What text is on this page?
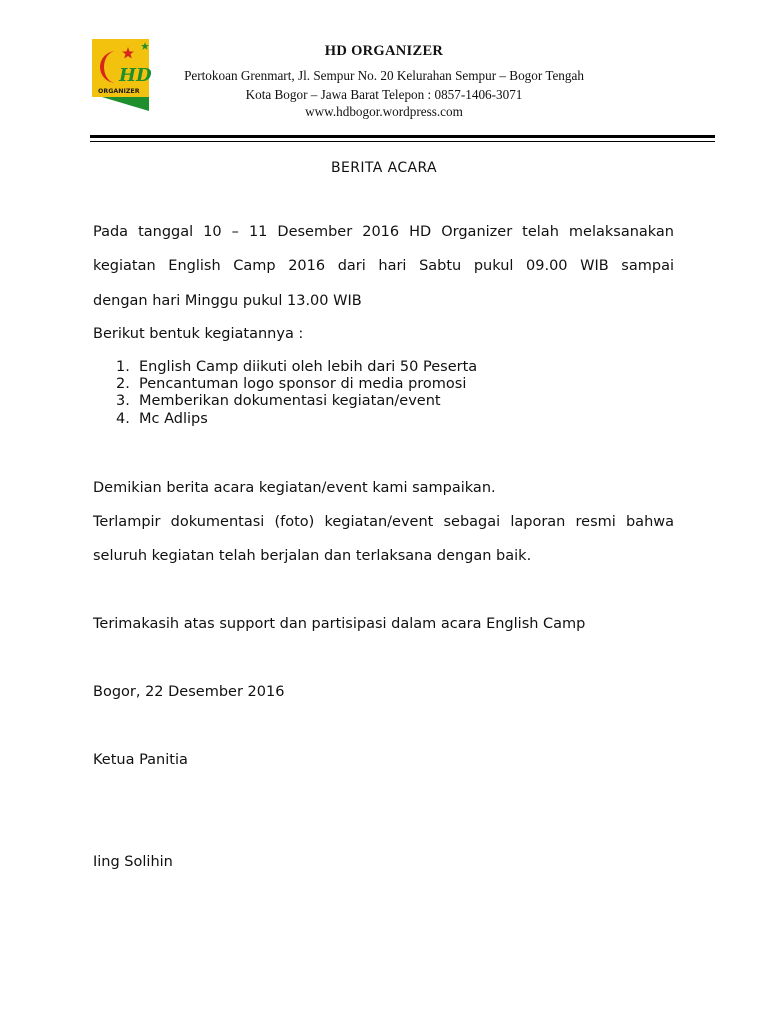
HD
ORGANIZER
HD ORGANIZER
Pertokoan Grenmart, Jl. Sempur No. 20 Kelurahan Sempur – Bogor Tengah
Kota Bogor – Jawa Barat Telepon : 0857-1406-3071
www.hdbogor.wordpress.com
BERITA ACARA
Pada tanggal 10 – 11 Desember 2016 HD Organizer telah melaksanakan
kegiatan English Camp 2016 dari hari Sabtu pukul 09.00 WIB sampai
dengan hari Minggu pukul 13.00 WIB
Berikut bentuk kegiatannya :
1. English Camp diikuti oleh lebih dari 50 Peserta
2. Pencantuman logo sponsor di media promosi
3. Memberikan dokumentasi kegiatan/event
4. Mc Adlips
Demikian berita acara kegiatan/event kami sampaikan.
Terlampir dokumentasi (foto) kegiatan/event sebagai laporan resmi bahwa
seluruh kegiatan telah berjalan dan terlaksana dengan baik.
Terimakasih atas support dan partisipasi dalam acara English Camp
Bogor, 22 Desember 2016
Ketua Panitia
Iing Solihin
